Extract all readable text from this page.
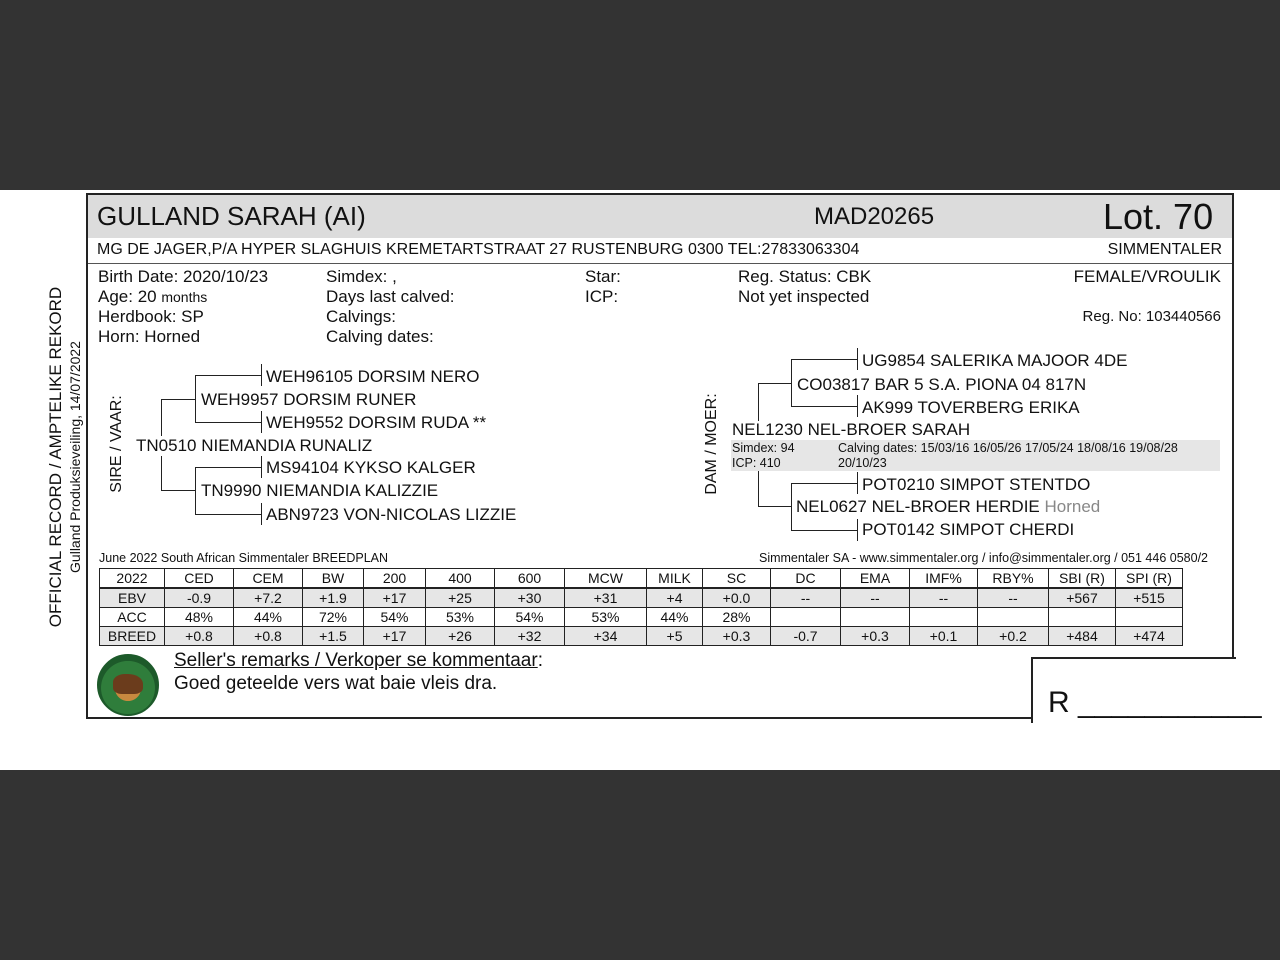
OFFICIAL RECORD / AMPTELIKE REKORD Gulland Produksieveiling, 14/07/2022
GULLAND SARAH (AI)	MAD20265	Lot. 70
MG DE JAGER,P/A HYPER SLAGHUIS KREMETARTSTRAAT 27 RUSTENBURG 0300 TEL:27833063304	SIMMENTALER
Birth Date: 2020/10/23
Age: 20 months
Herdbook: SP
Horn: Horned
Simdex: ,
Days last calved:
Calvings:
Calving dates:
Star:
ICP:
Reg. Status: CBK
Not yet inspected
FEMALE/VROULIK
Reg. No: 103440566
SIRE / VAAR:
WEH96105 DORSIM NERO
WEH9957 DORSIM RUNER
WEH9552 DORSIM RUDA **
TN0510 NIEMANDIA RUNALIZ
MS94104 KYKSO KALGER
TN9990 NIEMANDIA KALIZZIE
ABN9723 VON-NICOLAS LIZZIE
DAM / MOER:
UG9854 SALERIKA MAJOOR 4DE
CO03817 BAR 5 S.A. PIONA 04 817N
AK999 TOVERBERG ERIKA
NEL1230 NEL-BROER SARAH
Simdex: 94
ICP: 410
Calving dates: 15/03/16 16/05/26 17/05/24 18/08/16 19/08/28
20/10/23
POT0210 SIMPOT STENTDO
NEL0627 NEL-BROER HERDIE Horned
POT0142 SIMPOT CHERDI
June 2022 South African Simmentaler BREEDPLAN	Simmentaler SA - www.simmentaler.org / info@simmentaler.org / 051 446 0580/2
2022	CED	CEM	BW	200	400	600	MCW	MILK	SC	DC	EMA	IMF%	RBY%	SBI (R)	SPI (R)
EBV	-0.9	+7.2	+1.9	+17	+25	+30	+31	+4	+0.0	--	--	--	--	+567	+515
ACC	48%	44%	72%	54%	53%	54%	53%	44%	28%						
BREED	+0.8	+0.8	+1.5	+17	+26	+32	+34	+5	+0.3	-0.7	+0.3	+0.1	+0.2	+484	+474
Seller's remarks / Verkoper se kommentaar:
Goed geteelde vers wat baie vleis dra.
R ___________
